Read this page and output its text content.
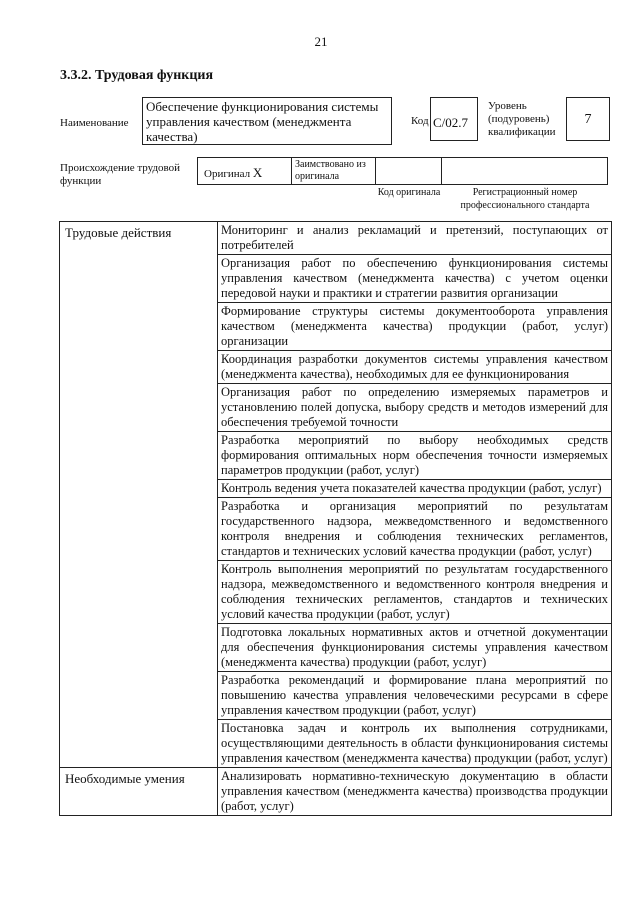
21
3.3.2. Трудовая функция
Наименование
Обеспечение функционирования системы управления качеством (менеджмента качества)
Код C/02.7
Уровень (подуровень) квалификации
7
Происхождение трудовой функции
Оригинал X
Заимствовано из оригинала
Код оригинала	Регистрационный номер профессионального стандарта
Трудовые действия	Мониторинг и анализ рекламаций и претензий, поступающих от потребителей
	Организация работ по обеспечению функционирования системы управления качеством (менеджмента качества) с учетом оценки передовой науки и практики и стратегии развития организации
	Формирование структуры системы документооборота управления качеством (менеджмента качества) продукции (работ, услуг) организации
	Координация разработки документов системы управления качеством (менеджмента качества), необходимых для ее функционирования
	Организация работ по определению измеряемых параметров и установлению полей допуска, выбору средств и методов измерений для обеспечения требуемой точности
	Разработка мероприятий по выбору необходимых средств формирования оптимальных норм обеспечения точности измеряемых параметров продукции (работ, услуг)
	Контроль ведения учета показателей качества продукции (работ, услуг)
	Разработка и организация мероприятий по результатам государственного надзора, межведомственного и ведомственного контроля внедрения и соблюдения технических регламентов, стандартов и технических условий качества продукции (работ, услуг)
	Контроль выполнения мероприятий по результатам государственного надзора, межведомственного и ведомственного контроля внедрения и соблюдения технических регламентов, стандартов и технических условий качества продукции (работ, услуг)
	Подготовка локальных нормативных актов и отчетной документации для обеспечения функционирования системы управления качеством (менеджмента качества) продукции (работ, услуг)
	Разработка рекомендаций и формирование плана мероприятий по повышению качества управления человеческими ресурсами в сфере управления качеством продукции (работ, услуг)
	Постановка задач и контроль их выполнения сотрудниками, осуществляющими деятельность в области функционирования системы управления качеством (менеджмента качества) продукции (работ, услуг)
Необходимые умения	Анализировать нормативно-техническую документацию в области управления качеством (менеджмента качества) производства продукции (работ, услуг)
